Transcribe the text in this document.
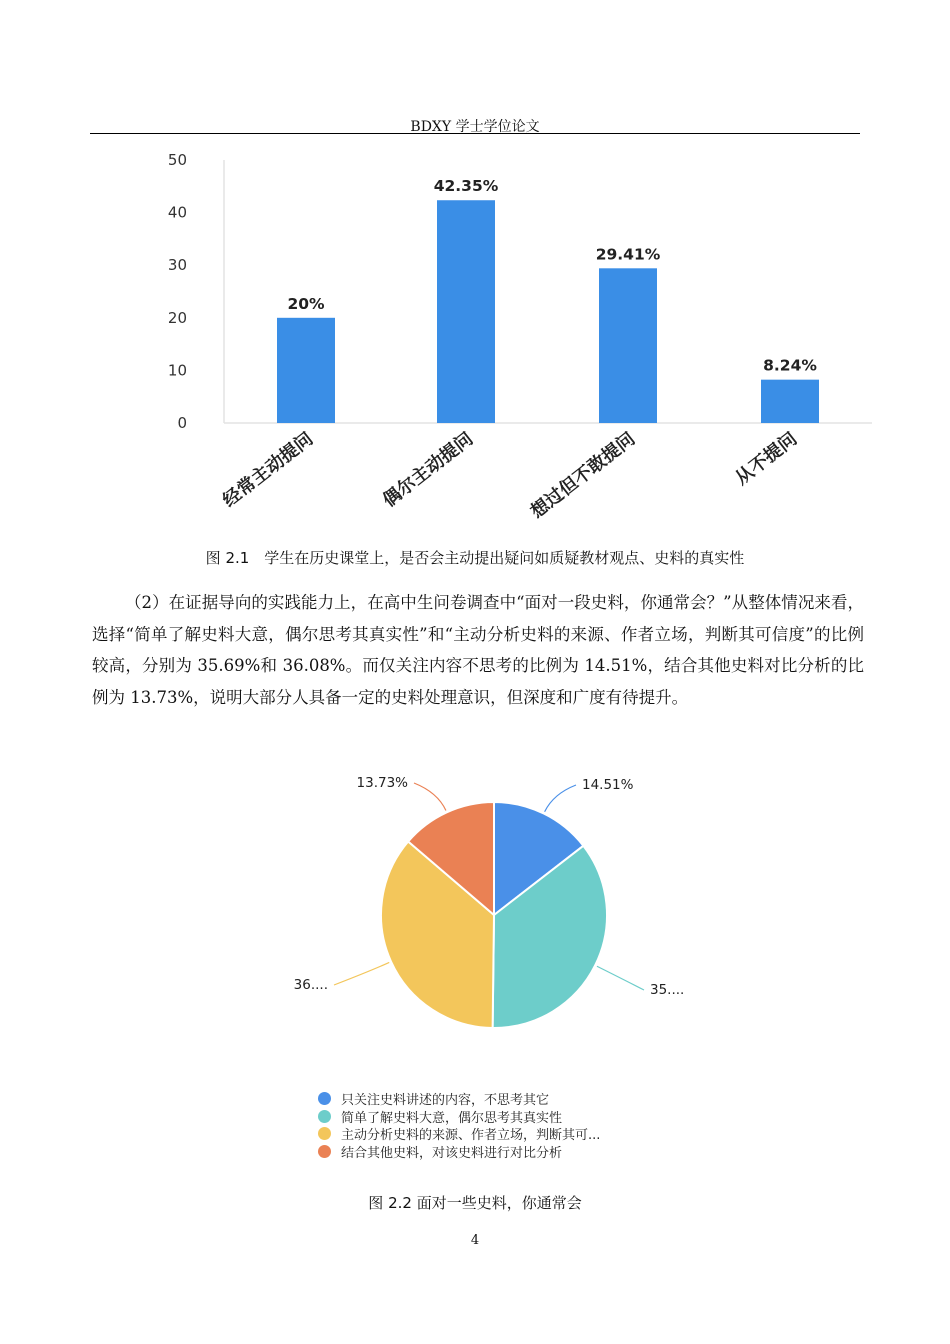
BDXY 学士学位论文
0
10
20
30
40
50
20%
经常主动提问
42.35%
偶尔主动提问
29.41%
想过但不敢提问
8.24%
从不提问
图 2.1　学生在历史课堂上，是否会主动提出疑问如质疑教材观点、史料的真实性

（2）在证据导向的实践能力上，在高中生问卷调查中“面对一段史料，你通常会？”从整体情况来看，选择“简单了解史料大意，偶尔思考其真实性”和“主动分析史料的来源、作者立场，判断其可信度”的比例较高，分别为 35.69%和 36.08%。而仅关注内容不思考的比例为 14.51%，结合其他史料对比分析的比例为 13.73%，说明大部分人具备一定的史料处理意识，但深度和广度有待提升。

14.51%
35....
36....
13.73%
只关注史料讲述的内容，不思考其它
简单了解史料大意，偶尔思考其真实性
主动分析史料的来源、作者立场，判断其可...
结合其他史料，对该史料进行对比分析
图 2.2 面对一些史料，你通常会
4
